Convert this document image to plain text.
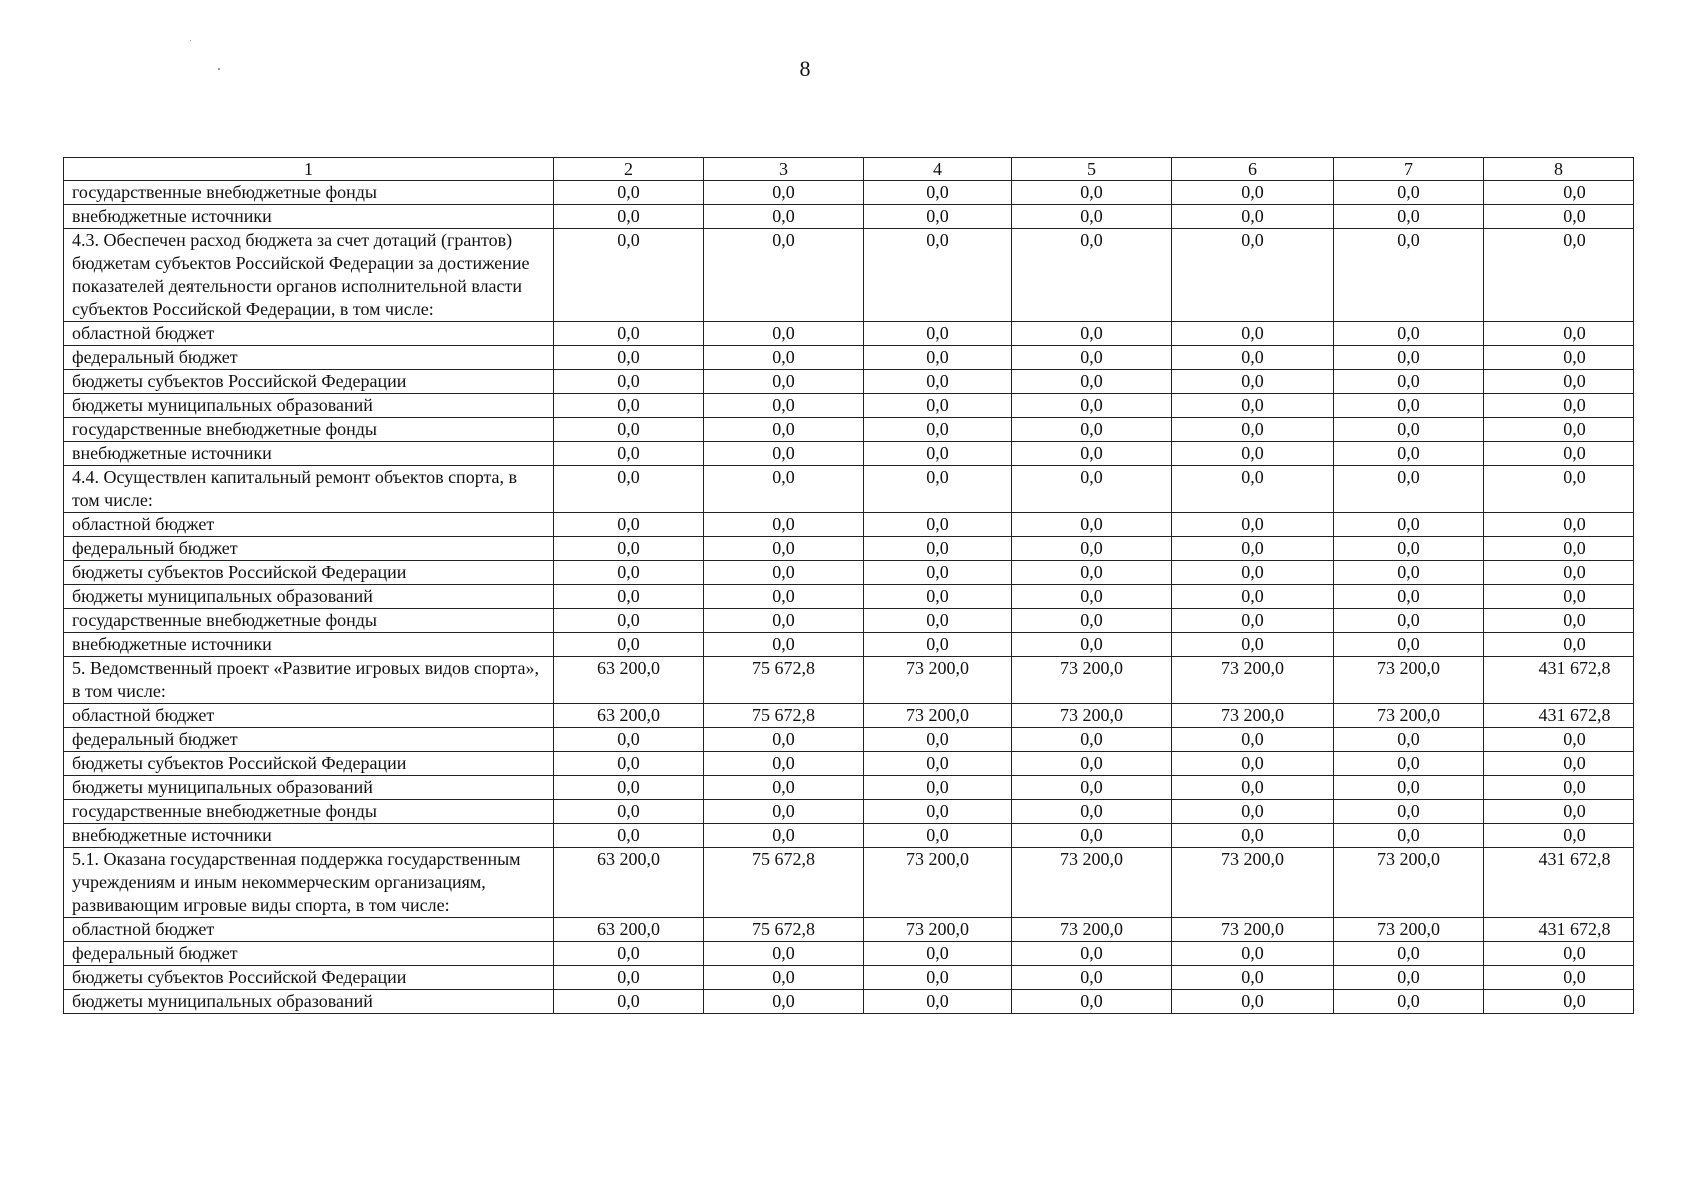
8
1	2	3	4	5	6	7	8
государственные внебюджетные фонды	0,0	0,0	0,0	0,0	0,0	0,0	0,0
внебюджетные источники	0,0	0,0	0,0	0,0	0,0	0,0	0,0
4.3. Обеспечен расход бюджета за счет дотаций (грантов) бюджетам субъектов Российской Федерации за достижение показателей деятельности органов исполнительной власти субъектов Российской Федерации, в том числе:	0,0	0,0	0,0	0,0	0,0	0,0	0,0
областной бюджет	0,0	0,0	0,0	0,0	0,0	0,0	0,0
федеральный бюджет	0,0	0,0	0,0	0,0	0,0	0,0	0,0
бюджеты субъектов Российской Федерации	0,0	0,0	0,0	0,0	0,0	0,0	0,0
бюджеты муниципальных образований	0,0	0,0	0,0	0,0	0,0	0,0	0,0
государственные внебюджетные фонды	0,0	0,0	0,0	0,0	0,0	0,0	0,0
внебюджетные источники	0,0	0,0	0,0	0,0	0,0	0,0	0,0
4.4. Осуществлен капитальный ремонт объектов спорта, в том числе:	0,0	0,0	0,0	0,0	0,0	0,0	0,0
областной бюджет	0,0	0,0	0,0	0,0	0,0	0,0	0,0
федеральный бюджет	0,0	0,0	0,0	0,0	0,0	0,0	0,0
бюджеты субъектов Российской Федерации	0,0	0,0	0,0	0,0	0,0	0,0	0,0
бюджеты муниципальных образований	0,0	0,0	0,0	0,0	0,0	0,0	0,0
государственные внебюджетные фонды	0,0	0,0	0,0	0,0	0,0	0,0	0,0
внебюджетные источники	0,0	0,0	0,0	0,0	0,0	0,0	0,0
5. Ведомственный проект «Развитие игровых видов спорта», в том числе:	63 200,0	75 672,8	73 200,0	73 200,0	73 200,0	73 200,0	431 672,8
областной бюджет	63 200,0	75 672,8	73 200,0	73 200,0	73 200,0	73 200,0	431 672,8
федеральный бюджет	0,0	0,0	0,0	0,0	0,0	0,0	0,0
бюджеты субъектов Российской Федерации	0,0	0,0	0,0	0,0	0,0	0,0	0,0
бюджеты муниципальных образований	0,0	0,0	0,0	0,0	0,0	0,0	0,0
государственные внебюджетные фонды	0,0	0,0	0,0	0,0	0,0	0,0	0,0
внебюджетные источники	0,0	0,0	0,0	0,0	0,0	0,0	0,0
5.1. Оказана государственная поддержка государственным учреждениям и иным некоммерческим организациям, развивающим игровые виды спорта, в том числе:	63 200,0	75 672,8	73 200,0	73 200,0	73 200,0	73 200,0	431 672,8
областной бюджет	63 200,0	75 672,8	73 200,0	73 200,0	73 200,0	73 200,0	431 672,8
федеральный бюджет	0,0	0,0	0,0	0,0	0,0	0,0	0,0
бюджеты субъектов Российской Федерации	0,0	0,0	0,0	0,0	0,0	0,0	0,0
бюджеты муниципальных образований	0,0	0,0	0,0	0,0	0,0	0,0	0,0
